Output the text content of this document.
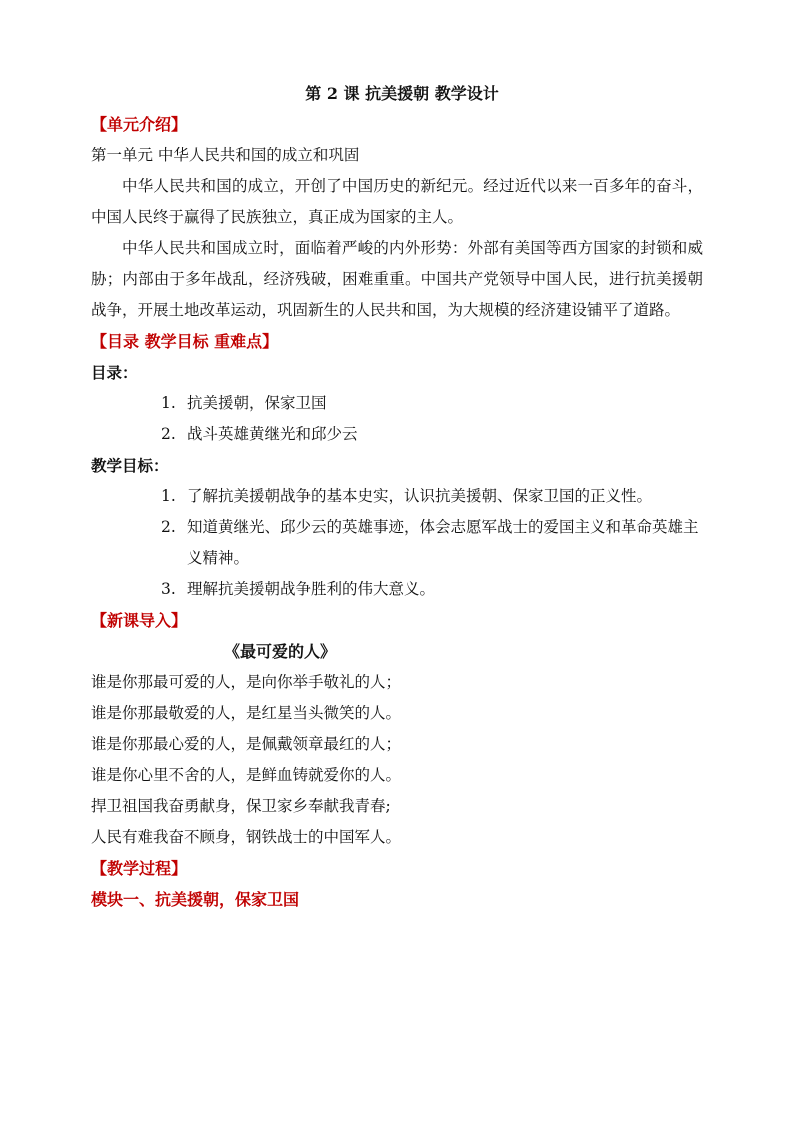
第 2 课 抗美援朝 教学设计
【单元介绍】
第一单元 中华人民共和国的成立和巩固
中华人民共和国的成立，开创了中国历史的新纪元。经过近代以来一百多年的奋斗，中国人民终于赢得了民族独立，真正成为国家的主人。
中华人民共和国成立时，面临着严峻的内外形势：外部有美国等西方国家的封锁和威胁；内部由于多年战乱，经济残破，困难重重。中国共产党领导中国人民，进行抗美援朝战争，开展土地改革运动，巩固新生的人民共和国，为大规模的经济建设铺平了道路。
【目录 教学目标 重难点】
目录：
1. 抗美援朝，保家卫国
2. 战斗英雄黄继光和邱少云
教学目标：
1. 了解抗美援朝战争的基本史实，认识抗美援朝、保家卫国的正义性。
2. 知道黄继光、邱少云的英雄事迹，体会志愿军战士的爱国主义和革命英雄主义精神。
3. 理解抗美援朝战争胜利的伟大意义。
【新课导入】
《最可爱的人》
谁是你那最可爱的人，是向你举手敬礼的人；
谁是你那最敬爱的人，是红星当头微笑的人。
谁是你那最心爱的人，是佩戴领章最红的人；
谁是你心里不舍的人，是鲜血铸就爱你的人。
捍卫祖国我奋勇献身，保卫家乡奉献我青春;
人民有难我奋不顾身，钢铁战士的中国军人。
【教学过程】
模块一、抗美援朝，保家卫国
